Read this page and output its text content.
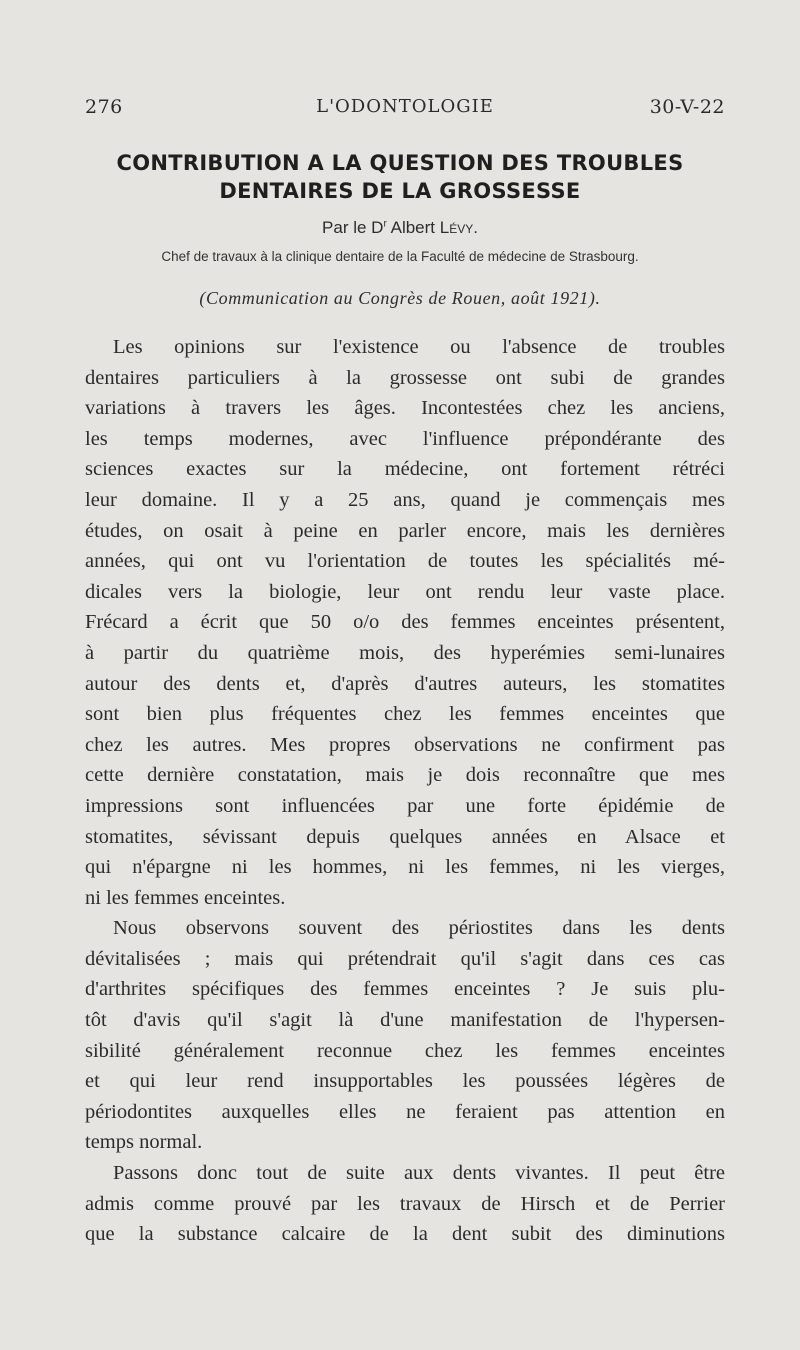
276	L'ODONTOLOGIE	30-V-22
CONTRIBUTION A LA QUESTION DES TROUBLES
DENTAIRES DE LA GROSSESSE
Par le $D^r$ Albert Lévy.
Chef de travaux à la clinique dentaire de la Faculté de médecine de Strasbourg.
(Communication au Congrès de Rouen, août 1921).
Les opinions sur l'existence ou l'absence de troubles
dentaires particuliers à la grossesse ont subi de grandes
variations à travers les âges. Incontestées chez les anciens,
les temps modernes, avec l'influence prépondérante des
sciences exactes sur la médecine, ont fortement rétréci
leur domaine. Il y a 25 ans, quand je commençais mes
études, on osait à peine en parler encore, mais les dernières
années, qui ont vu l'orientation de toutes les spécialités mé-
dicales vers la biologie, leur ont rendu leur vaste place.
Frécard a écrit que 50 o/o des femmes enceintes présentent,
à partir du quatrième mois, des hyperémies semi-lunaires
autour des dents et, d'après d'autres auteurs, les stomatites
sont bien plus fréquentes chez les femmes enceintes que
chez les autres. Mes propres observations ne confirment pas
cette dernière constatation, mais je dois reconnaître que mes
impressions sont influencées par une forte épidémie de
stomatites, sévissant depuis quelques années en Alsace et
qui n'épargne ni les hommes, ni les femmes, ni les vierges,
ni les femmes enceintes.
Nous observons souvent des périostites dans les dents
dévitalisées ; mais qui prétendrait qu'il s'agit dans ces cas
d'arthrites spécifiques des femmes enceintes ? Je suis plu-
tôt d'avis qu'il s'agit là d'une manifestation de l'hypersen-
sibilité généralement reconnue chez les femmes enceintes
et qui leur rend insupportables les poussées légères de
périodontites auxquelles elles ne feraient pas attention en
temps normal.
Passons donc tout de suite aux dents vivantes. Il peut être
admis comme prouvé par les travaux de Hirsch et de Perrier
que la substance calcaire de la dent subit des diminutions
